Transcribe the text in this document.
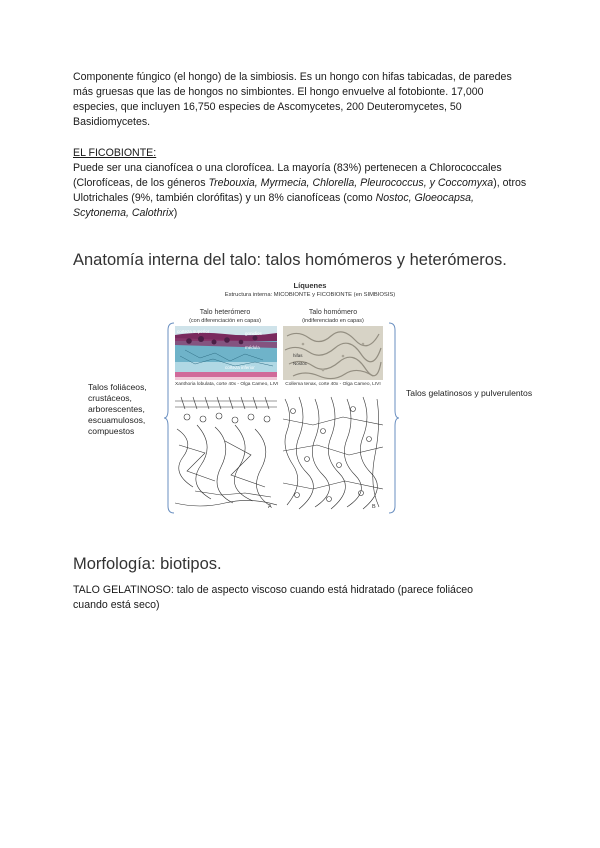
Componente fúngico (el hongo) de la simbiosis. Es un hongo con hifas tabicadas, de paredes más gruesas que las de hongos no simbiontes. El hongo envuelve al fotobionte. 17,000 especies, que incluyen 16,750 especies de Ascomycetes, 200 Deuteromycetes, 50 Basidiomycetes.

EL FICOBIONTE:

Puede ser una cianofícea o una clorofícea. La mayoría (83%) pertenecen a Chlorococcales (Clorofíceas, de los géneros Trebouxia, Myrmecia, Chlorella, Pleurococcus, y Coccomyxa), otros Ulotrichales (9%, también clorófitas) y un 8% cianofíceas (como Nostoc, Gloeocapsa, Scytonema, Calothrix)

Anatomía interna del talo: talos homómeros y heterómeros.
Líquenes
Estructura interna: MICOBIONTE y FICOBIONTE (en SIMBIOSIS)
Talo heterómero
(con diferenciación en capas)
Talo homómero
(indiferenciado en capas)
corteza superior
médula
gonidios
corteza inferior
hifas
Nostoc
Xanthoria lobulata, corte 40x - Olga Cameo, LIVI	Collema tenax, corte 40x - Olga Cameo, LIVI
A	B
Talos foliáceos, crustáceos, arborescentes, escuamulosos, compuestos
Talos gelatinosos y pulverulentos
Morfología: biotipos.

TALO GELATINOSO: talo de aspecto viscoso cuando está hidratado (parece foliáceo cuando está seco)
